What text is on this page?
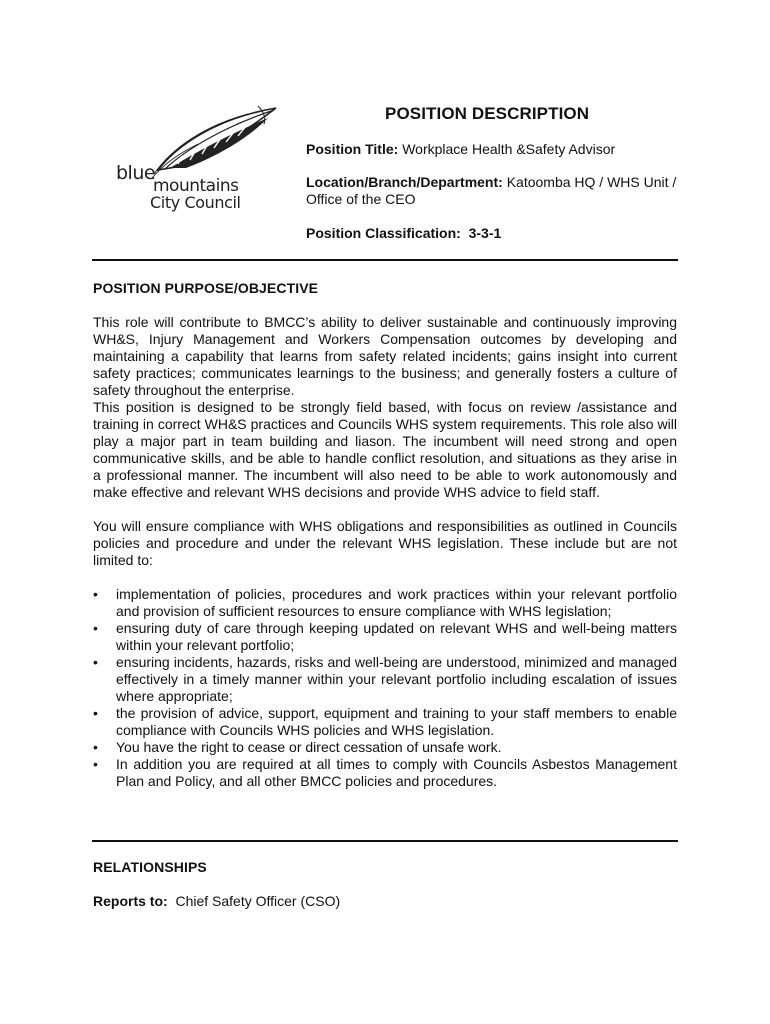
blue
mountains
City Council
POSITION DESCRIPTION
Position Title: Workplace Health &Safety Advisor
Location/Branch/Department: Katoomba HQ / WHS Unit / Office of the CEO
Position Classification: 3-3-1
POSITION PURPOSE/OBJECTIVE

This role will contribute to BMCC’s ability to deliver sustainable and continuously improving WH&S, Injury Management and Workers Compensation outcomes by developing and maintaining a capability that learns from safety related incidents; gains insight into current safety practices; communicates learnings to the business; and generally fosters a culture of safety throughout the enterprise.

This position is designed to be strongly field based, with focus on review /assistance and training in correct WH&S practices and Councils WHS system requirements. This role also will play a major part in team building and liason. The incumbent will need strong and open communicative skills, and be able to handle conflict resolution, and situations as they arise in a professional manner. The incumbent will also need to be able to work autonomously and make effective and relevant WHS decisions and provide WHS advice to field staff.

You will ensure compliance with WHS obligations and responsibilities as outlined in Councils policies and procedure and under the relevant WHS legislation. These include but are not limited to:

• implementation of policies, procedures and work practices within your relevant portfolio and provision of sufficient resources to ensure compliance with WHS legislation;
• ensuring duty of care through keeping updated on relevant WHS and well-being matters within your relevant portfolio;
• ensuring incidents, hazards, risks and well-being are understood, minimized and managed effectively in a timely manner within your relevant portfolio including escalation of issues where appropriate;
• the provision of advice, support, equipment and training to your staff members to enable compliance with Councils WHS policies and WHS legislation.
• You have the right to cease or direct cessation of unsafe work.
• In addition you are required at all times to comply with Councils Asbestos Management Plan and Policy, and all other BMCC policies and procedures.
RELATIONSHIPS
Reports to: Chief Safety Officer (CSO)
